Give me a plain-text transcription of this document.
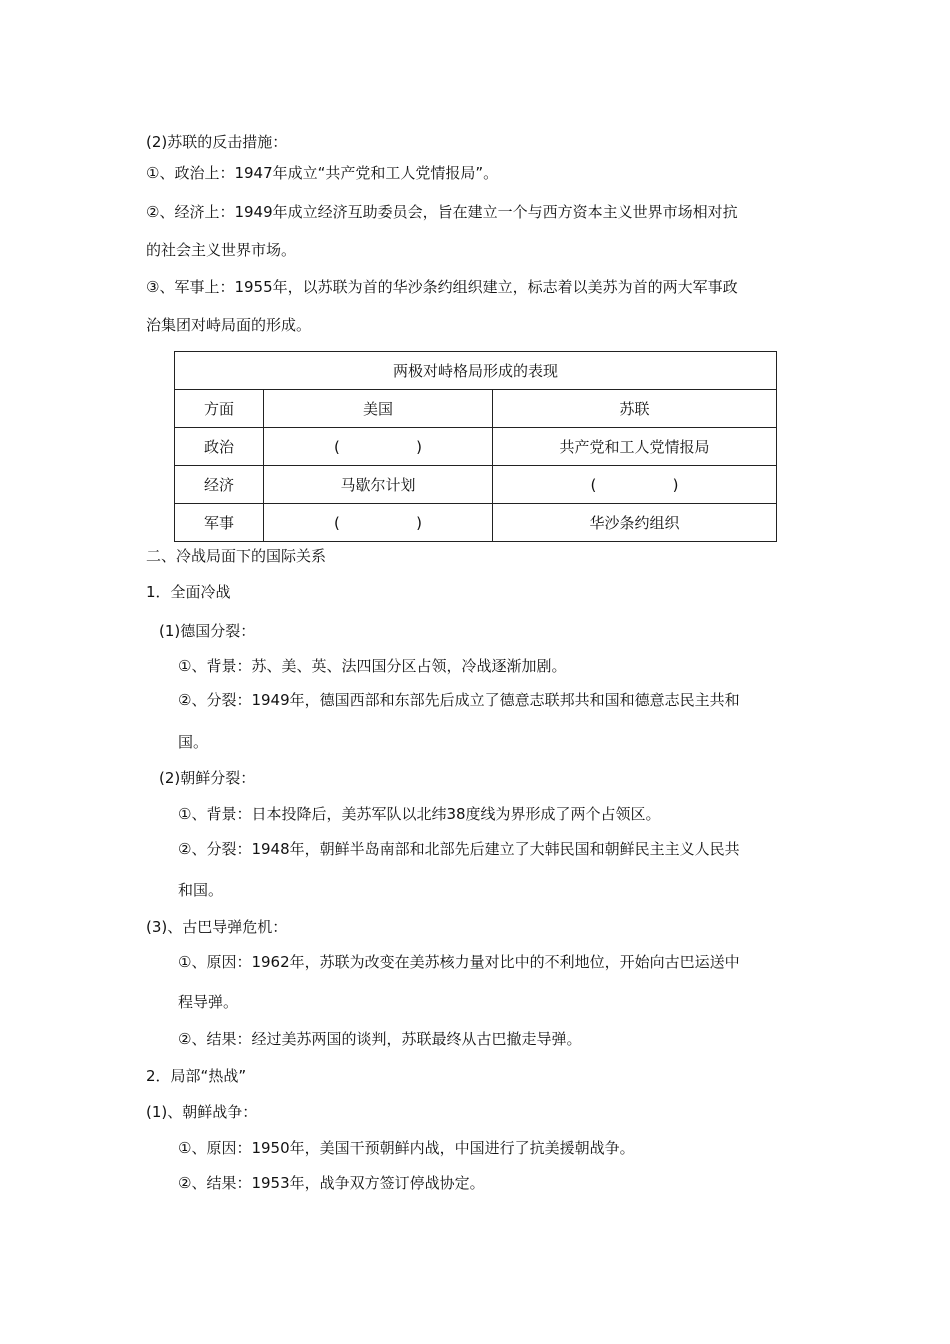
(2)苏联的反击措施：
①、政治上：1947年成立“共产党和工人党情报局”。
②、经济上：1949年成立经济互助委员会，旨在建立一个与西方资本主义世界市场相对抗
的社会主义世界市场。
③、军事上：1955年，以苏联为首的华沙条约组织建立，标志着以美苏为首的两大军事政
治集团对峙局面的形成。
两极对峙格局形成的表现		
方面	美国	苏联
政治	(                )	共产党和工人党情报局
经济	马歇尔计划	(                )
军事	(                )	华沙条约组织
二、冷战局面下的国际关系
1．全面冷战
(1)德国分裂：
①、背景：苏、美、英、法四国分区占领，冷战逐渐加剧。
②、分裂：1949年，德国西部和东部先后成立了德意志联邦共和国和德意志民主共和
国。
(2)朝鲜分裂：
①、背景：日本投降后，美苏军队以北纬38度线为界形成了两个占领区。
②、分裂：1948年，朝鲜半岛南部和北部先后建立了大韩民国和朝鲜民主主义人民共
和国。
(3)、古巴导弹危机：
①、原因：1962年，苏联为改变在美苏核力量对比中的不利地位，开始向古巴运送中
程导弹。
②、结果：经过美苏两国的谈判，苏联最终从古巴撤走导弹。
2．局部“热战”
(1)、朝鲜战争：
①、原因：1950年，美国干预朝鲜内战，中国进行了抗美援朝战争。
②、结果：1953年，战争双方签订停战协定。
